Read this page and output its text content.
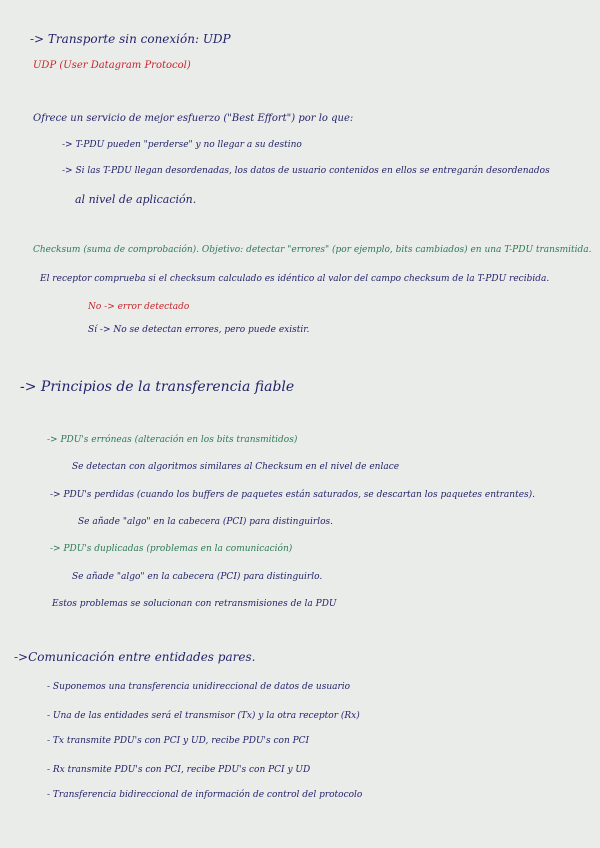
-> Transporte sin conexión: UDP
UDP (User Datagram Protocol)
Ofrece un servicio de mejor esfuerzo ("Best Effort") por lo que:
-> T-PDU pueden "perderse" y no llegar a su destino
-> Si las T-PDU llegan desordenadas, los datos de usuario contenidos en ellos se entregarán desordenados
al nivel de aplicación.
Checksum (suma de comprobación). Objetivo: detectar "errores" (por ejemplo, bits cambiados) en una T-PDU transmitida.
El receptor comprueba si el checksum calculado es idéntico al valor del campo checksum de la T-PDU recibida.
No -> error detectado
Sí -> No se detectan errores, pero puede existir.
-> Principios de la transferencia fiable
-> PDU's erróneas (alteración en los bits transmitidos)
Se detectan con algoritmos similares al Checksum en el nivel de enlace
-> PDU's perdidas (cuando los buffers de paquetes están saturados, se descartan los paquetes entrantes).
Se añade "algo" en la cabecera (PCI) para distinguirlos.
-> PDU's duplicadas (problemas en la comunicación)
Se añade "algo" en la cabecera (PCI) para distinguirlo.
Estos problemas se solucionan con retransmisiones de la PDU
->Comunicación entre entidades pares.
- Suponemos una transferencia unidireccional de datos de usuario
- Una de las entidades será el transmisor (Tx) y la otra receptor (Rx)
- Tx transmite PDU's con PCI y UD, recibe PDU's con PCI
- Rx transmite PDU's con PCI, recibe PDU's con PCI y UD
- Transferencia bidireccional de información de control del protocolo
